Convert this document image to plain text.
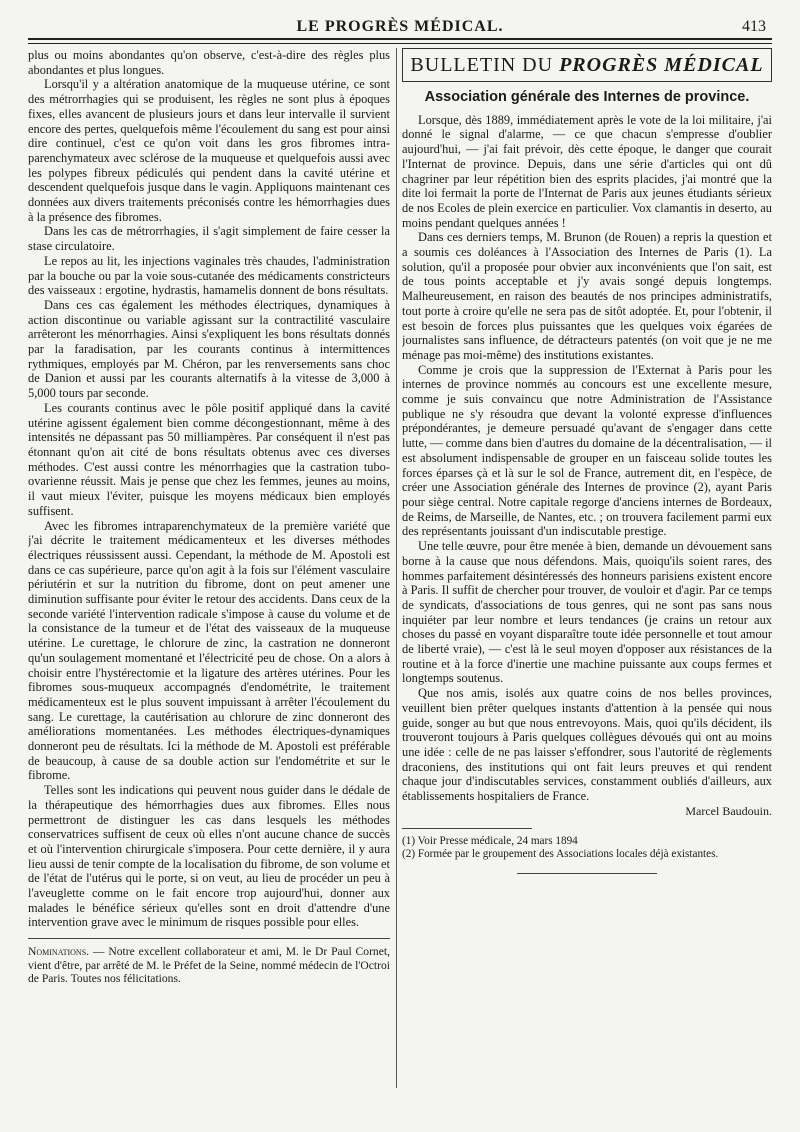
LE PROGRÈS MÉDICAL.	413

plus ou moins abondantes qu'on observe, c'est-à-dire des règles plus abondantes et plus longues.

Lorsqu'il y a altération anatomique de la muqueuse utérine, ce sont des métrorrhagies qui se produisent, les règles ne sont plus à époques fixes, elles avancent de plusieurs jours et dans leur intervalle il survient encore des pertes, quelquefois même l'écoulement du sang est pour ainsi dire continuel, c'est ce qu'on voit dans les gros fibromes intra-parenchymateux avec sclérose de la muqueuse et quelquefois aussi avec les polypes fibreux pédiculés qui pendent dans la cavité utérine et descendent quelquefois jusque dans le vagin. Appliquons maintenant ces données aux divers traitements préconisés contre les hémorrhagies dues à la présence des fibromes.

Dans les cas de métrorrhagies, il s'agit simplement de faire cesser la stase circulatoire.

Le repos au lit, les injections vaginales très chaudes, l'administration par la bouche ou par la voie sous-cutanée des médicaments constricteurs des vaisseaux : ergotine, hydrastis, hamamelis donnent de bons résultats.

Dans ces cas également les méthodes électriques, dynamiques à action discontinue ou variable agissant sur la contractilité vasculaire arrêteront les ménorrhagies. Ainsi s'expliquent les bons résultats donnés par la faradisation, par les courants continus à intermittences rythmiques, employés par M. Chéron, par les renversements sans choc de Danion et aussi par les courants alternatifs à la vitesse de 3,000 à 5,000 tours par seconde.

Les courants continus avec le pôle positif appliqué dans la cavité utérine agissent également bien comme décongestionnant, même à des intensités ne dépassant pas 50 milliampères. Par conséquent il n'est pas étonnant qu'on ait cité de bons résultats obtenus avec ces diverses méthodes. C'est aussi contre les ménorrhagies que la castration tubo-ovarienne réussit. Mais je pense que chez les femmes, jeunes au moins, il vaut mieux l'éviter, puisque les moyens médicaux bien employés suffisent.

Avec les fibromes intraparenchymateux de la première variété que j'ai décrite le traitement médicamenteux et les diverses méthodes électriques réussissent aussi. Cependant, la méthode de M. Apostoli est dans ce cas supérieure, parce qu'on agit à la fois sur l'élément vasculaire périutérin et sur la nutrition du fibrome, dont on peut amener une diminution suffisante pour éviter le retour des accidents. Dans ceux de la seconde variété l'intervention radicale s'impose à cause du volume et de la consistance de la tumeur et de l'état des vaisseaux de la muqueuse utérine. Le curettage, le chlorure de zinc, la castration ne donneront qu'un soulagement momentané et l'électricité peu de chose. On a alors à choisir entre l'hystérectomie et la ligature des artères utérines. Pour les fibromes sous-muqueux accompagnés d'endométrite, le traitement médicamenteux est le plus souvent impuissant à arrêter l'écoulement du sang. Le curettage, la cautérisation au chlorure de zinc donneront des améliorations momentanées. Les méthodes électriques-dynamiques donneront peu de résultats. Ici la méthode de M. Apostoli est préférable de beaucoup, à cause de sa double action sur l'endométrite et sur le fibrome.

Telles sont les indications qui peuvent nous guider dans le dédale de la thérapeutique des hémorrhagies dues aux fibromes. Elles nous permettront de distinguer les cas dans lesquels les méthodes conservatrices suffisent de ceux où elles n'ont aucune chance de succès et où l'intervention chirurgicale s'imposera. Pour cette dernière, il y aura lieu aussi de tenir compte de la localisation du fibrome, de son volume et de l'état de l'utérus qui le porte, si on veut, au lieu de procéder un peu à l'aveuglette comme on le fait encore trop aujourd'hui, donner aux malades le bénéfice sérieux qu'elles sont en droit d'attendre d'une intervention grave avec le minimum de risques possible pour elles.

Nominations. — Notre excellent collaborateur et ami, M. le Dr Paul Cornet, vient d'être, par arrêté de M. le Préfet de la Seine, nommé médecin de l'Octroi de Paris. Toutes nos félicitations.

BULLETIN DU PROGRÈS MÉDICAL
Association générale des Internes de province.

Lorsque, dès 1889, immédiatement après le vote de la loi militaire, j'ai donné le signal d'alarme, — ce que chacun s'empresse d'oublier aujourd'hui, — j'ai fait prévoir, dès cette époque, le danger que courait l'Internat de province. Depuis, dans une série d'articles qui ont dû chagriner par leur répétition bien des esprits placides, j'ai montré que la dite loi fermait la porte de l'Internat de Paris aux jeunes étudiants sérieux de nos Ecoles de plein exercice en particulier. Vox clamantis in deserto, au moins pendant quelques années !

Dans ces derniers temps, M. Brunon (de Rouen) a repris la question et a soumis ces doléances à l'Association des Internes de Paris (1). La solution, qu'il a proposée pour obvier aux inconvénients que l'on sait, est de tous points acceptable et j'y avais songé depuis longtemps. Malheureusement, en raison des beautés de nos principes administratifs, tout porte à croire qu'elle ne sera pas de sitôt adoptée. Et, pour l'obtenir, il est besoin de forces plus puissantes que les quelques voix égarées de journalistes sans influence, de détracteurs patentés (on voit que je ne me ménage pas moi-même) des institutions existantes.

Comme je crois que la suppression de l'Externat à Paris pour les internes de province nommés au concours est une excellente mesure, comme je suis convaincu que notre Administration de l'Assistance publique ne s'y résoudra que devant la volonté expresse d'influences prépondérantes, je demeure persuadé qu'avant de s'engager dans cette lutte, — comme dans bien d'autres du domaine de la décentralisation, — il est absolument indispensable de grouper en un faisceau solide toutes les forces éparses çà et là sur le sol de France, autrement dit, en l'espèce, de créer une Association générale des Internes de province (2), ayant Paris pour siège central. Notre capitale regorge d'anciens internes de Bordeaux, de Reims, de Marseille, de Nantes, etc. ; on trouvera facilement parmi eux des représentants jouissant d'un indiscutable prestige.

Une telle œuvre, pour être menée à bien, demande un dévouement sans borne à la cause que nous défendons. Mais, quoiqu'ils soient rares, des hommes parfaitement désintéressés des honneurs parisiens existent encore à Paris. Il suffit de chercher pour trouver, de vouloir et d'agir. Par ce temps de syndicats, d'associations de tous genres, qui ne sont pas sans nous inquiéter par leur nombre et leurs tendances (je crains un retour aux choses du passé en voyant disparaître toute idée personnelle et tout amour de liberté vraie), — c'est là le seul moyen d'opposer aux résistances de la routine et à la force d'inertie une machine puissante aux coups fermes et longtemps soutenus.

Que nos amis, isolés aux quatre coins de nos belles provinces, veuillent bien prêter quelques instants d'attention à la pensée qui nous guide, songer au but que nous entrevoyons. Mais, quoi qu'ils décident, ils trouveront toujours à Paris quelques collègues dévoués qui ont au moins une idée : celle de ne pas laisser s'effondrer, sous l'autorité de règlements draconiens, des institutions qui ont fait leurs preuves et qui rendent chaque jour d'indiscutables services, constamment oubliés d'ailleurs, aux établissements hospitaliers de France.

Marcel Baudouin.

(1) Voir Presse médicale, 24 mars 1894

(2) Formée par le groupement des Associations locales déjà existantes.
